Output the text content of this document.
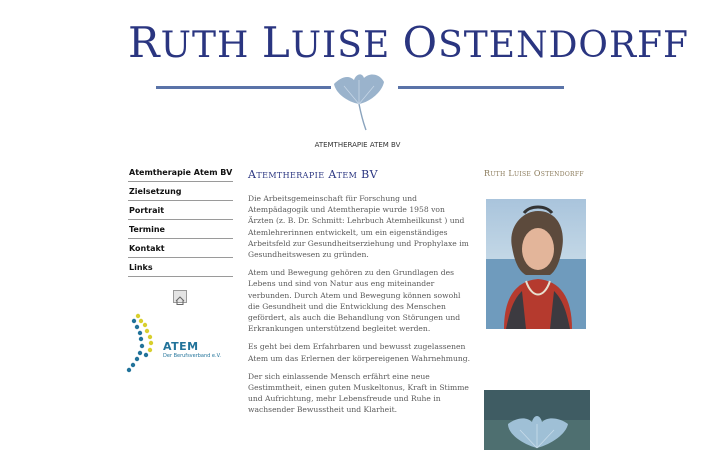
RUTH LUISE OSTENDORFF
ATEMTHERAPIE ATEM BV
Atemtherapie Atem BV
Zielsetzung
Portrait
Termine
Kontakt
Links
ATEM
Der Berufsverband e.V.
Atemtherapie Atem BV

Die Arbeitsgemeinschaft für Forschung und Atempädagogik und Atemtherapie wurde 1958 von Ärzten (z. B. Dr. Schmitt: Lehrbuch Atemheilkunst ) und Atemlehrerinnen entwickelt, um ein eigenständiges Arbeitsfeld zur Gesundheitserziehung und Prophylaxe im Gesundheitswesen zu gründen.

Atem und Bewegung gehören zu den Grundlagen des Lebens und sind von Natur aus eng miteinander verbunden. Durch Atem und Bewegung können sowohl die Gesundheit und die Entwicklung des Menschen gefördert, als auch die Behandlung von Störungen und Erkrankungen unterstützend begleitet werden.

Es geht bei dem Erfahrbaren und bewusst zugelassenen Atem um das Erlernen der körpereigenen Wahrnehmung.

Der sich einlassende Mensch erfährt eine neue Gestimmtheit, einen guten Muskeltonus, Kraft in Stimme und Aufrichtung, mehr Lebensfreude und Ruhe in wachsender Bewusstheit und Klarheit.

Ruth Luise Ostendorff
